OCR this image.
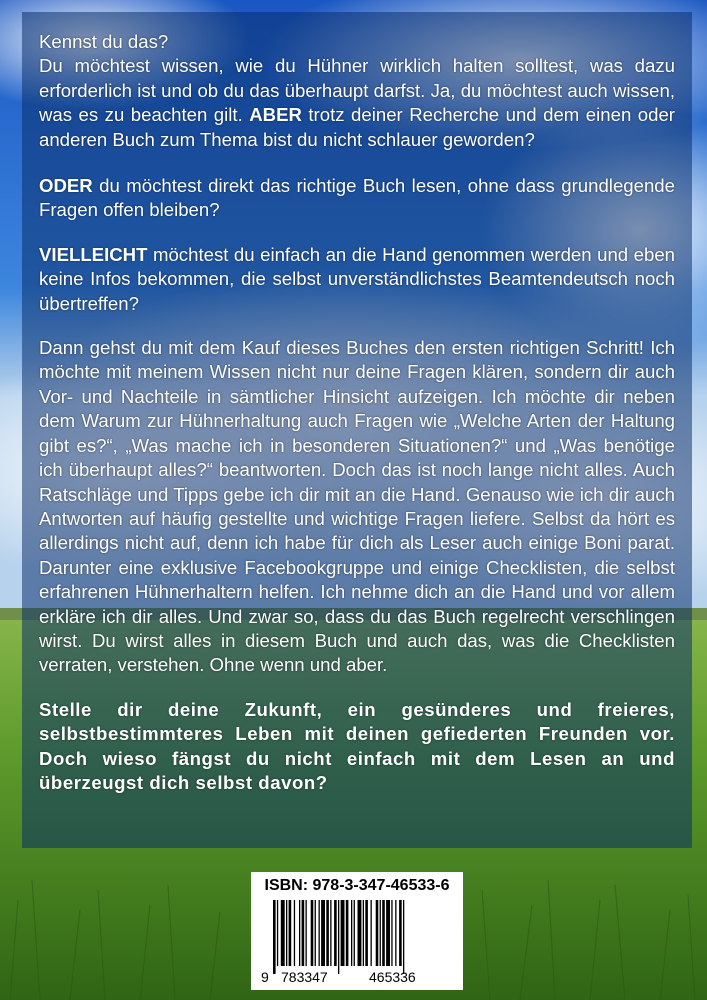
Kennst du das?
Du möchtest wissen, wie du Hühner wirklich halten solltest, was dazu erforderlich ist und ob du das überhaupt darfst. Ja, du möchtest auch wissen, was es zu beachten gilt. ABER trotz deiner Recherche und dem einen oder anderen Buch zum Thema bist du nicht schlauer geworden?

ODER du möchtest direkt das richtige Buch lesen, ohne dass grundlegende Fragen offen bleiben?

VIELLEICHT möchtest du einfach an die Hand genommen werden und eben keine Infos bekommen, die selbst unverständlichstes Beamtendeutsch noch übertreffen?

Dann gehst du mit dem Kauf dieses Buches den ersten richtigen Schritt! Ich möchte mit meinem Wissen nicht nur deine Fragen klären, sondern dir auch Vor- und Nachteile in sämtlicher Hinsicht aufzeigen. Ich möchte dir neben dem Warum zur Hühnerhaltung auch Fragen wie „Welche Arten der Haltung gibt es?“, „Was mache ich in besonderen Situationen?“ und „Was benötige ich überhaupt alles?“ beantworten. Doch das ist noch lange nicht alles. Auch Ratschläge und Tipps gebe ich dir mit an die Hand. Genauso wie ich dir auch Antworten auf häufig gestellte und wichtige Fragen liefere. Selbst da hört es allerdings nicht auf, denn ich habe für dich als Leser auch einige Boni parat. Darunter eine exklusive Facebookgruppe und einige Checklisten, die selbst erfahrenen Hühnerhaltern helfen. Ich nehme dich an die Hand und vor allem erkläre ich dir alles. Und zwar so, dass du das Buch regelrecht verschlingen wirst. Du wirst alles in diesem Buch und auch das, was die Checklisten verraten, verstehen. Ohne wenn und aber.

Stelle dir deine Zukunft, ein gesünderes und freieres, selbstbestimmteres Leben mit deinen gefiederten Freunden vor. Doch wieso fängst du nicht einfach mit dem Lesen an und überzeugst dich selbst davon?

ISBN: 978-3-347-46533-6
9 783347	465336
